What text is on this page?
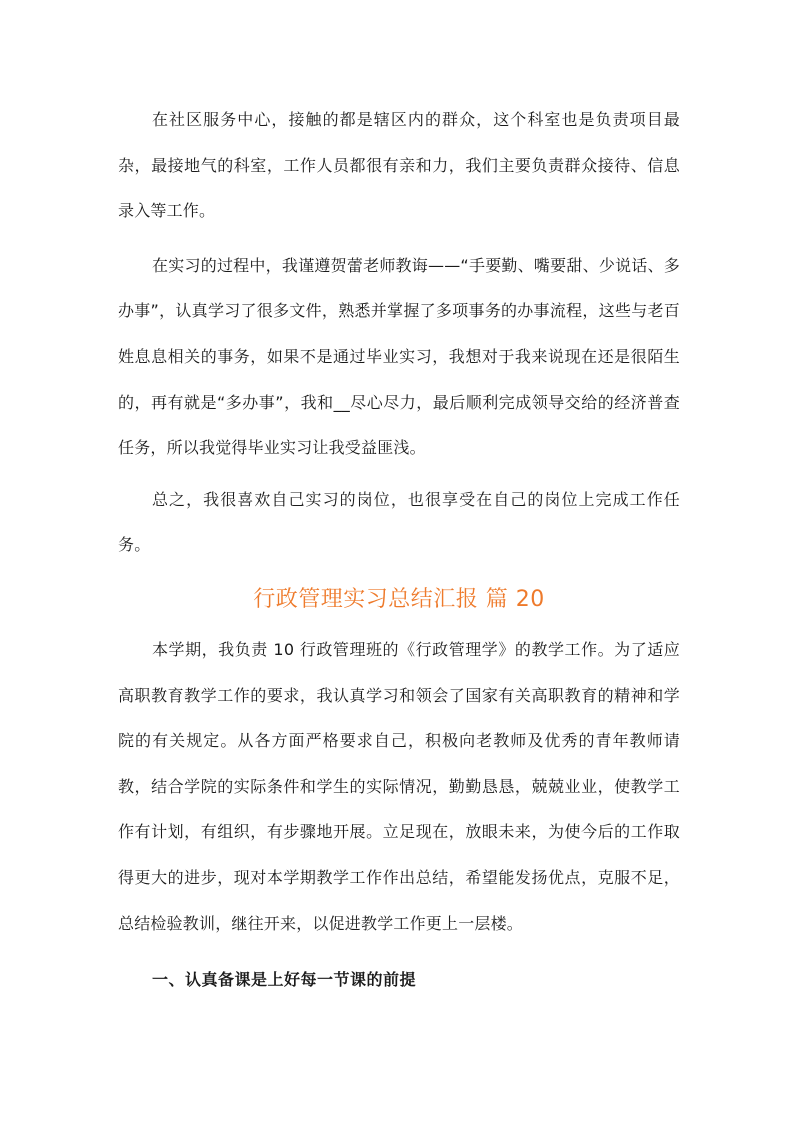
在社区服务中心，接触的都是辖区内的群众，这个科室也是负责项目最杂，最接地气的科室，工作人员都很有亲和力，我们主要负责群众接待、信息录入等工作。

在实习的过程中，我谨遵贺蕾老师教诲——“手要勤、嘴要甜、少说话、多办事”，认真学习了很多文件，熟悉并掌握了多项事务的办事流程，这些与老百姓息息相关的事务，如果不是通过毕业实习，我想对于我来说现在还是很陌生的，再有就是“多办事”，我和__尽心尽力，最后顺利完成领导交给的经济普查任务，所以我觉得毕业实习让我受益匪浅。

总之，我很喜欢自己实习的岗位，也很享受在自己的岗位上完成工作任务。

行政管理实习总结汇报 篇 20

本学期，我负责 10 行政管理班的《行政管理学》的教学工作。为了适应高职教育教学工作的要求，我认真学习和领会了国家有关高职教育的精神和学院的有关规定。从各方面严格要求自己，积极向老教师及优秀的青年教师请教，结合学院的实际条件和学生的实际情况，勤勤恳恳，兢兢业业，使教学工作有计划，有组织，有步骤地开展。立足现在，放眼未来，为使今后的工作取得更大的进步，现对本学期教学工作作出总结，希望能发扬优点，克服不足，总结检验教训，继往开来，以促进教学工作更上一层楼。

一、认真备课是上好每一节课的前提
